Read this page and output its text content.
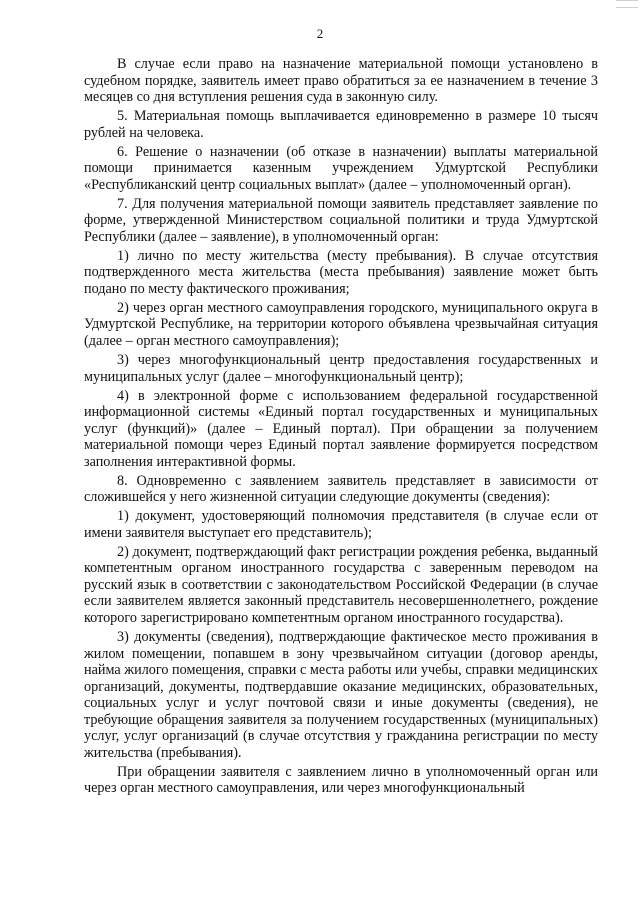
2

В случае если право на назначение материальной помощи установлено в судебном порядке, заявитель имеет право обратиться за ее назначением в течение 3 месяцев со дня вступления решения суда в законную силу.

5. Материальная помощь выплачивается единовременно в размере 10 тысяч рублей на человека.

6. Решение о назначении (об отказе в назначении) выплаты материальной помощи принимается казенным учреждением Удмуртской Республики «Республиканский центр социальных выплат» (далее – уполномоченный орган).

7. Для получения материальной помощи заявитель представляет заявление по форме, утвержденной Министерством социальной политики и труда Удмуртской Республики (далее – заявление), в уполномоченный орган:

1) лично по месту жительства (месту пребывания). В случае отсутствия подтвержденного места жительства (места пребывания) заявление может быть подано по месту фактического проживания;

2) через орган местного самоуправления городского, муниципального округа в Удмуртской Республике, на территории которого объявлена чрезвычайная ситуация (далее – орган местного самоуправления);

3) через многофункциональный центр предоставления государственных и муниципальных услуг (далее – многофункциональный центр);

4) в электронной форме с использованием федеральной государственной информационной системы «Единый портал государственных и муниципальных услуг (функций)» (далее – Единый портал). При обращении за получением материальной помощи через Единый портал заявление формируется посредством заполнения интерактивной формы.

8. Одновременно с заявлением заявитель представляет в зависимости от сложившейся у него жизненной ситуации следующие документы (сведения):

1) документ, удостоверяющий полномочия представителя (в случае если от имени заявителя выступает его представитель);

2) документ, подтверждающий факт регистрации рождения ребенка, выданный компетентным органом иностранного государства с заверенным переводом на русский язык в соответствии с законодательством Российской Федерации (в случае если заявителем является законный представитель несовершеннолетнего, рождение которого зарегистрировано компетентным органом иностранного государства).

3) документы (сведения), подтверждающие фактическое место проживания в жилом помещении, попавшем в зону чрезвычайном ситуации (договор аренды, найма жилого помещения, справки с места работы или учебы, справки медицинских организаций, документы, подтвердавшие оказание медицинских, образовательных, социальных услуг и услуг почтовой связи и иные документы (сведения), не требующие обращения заявителя за получением государственных (муниципальных) услуг, услуг организаций (в случае отсутствия у гражданина регистрации по месту жительства (пребывания).

При обращении заявителя с заявлением лично в уполномоченный орган или через орган местного самоуправления, или через многофункциональный
